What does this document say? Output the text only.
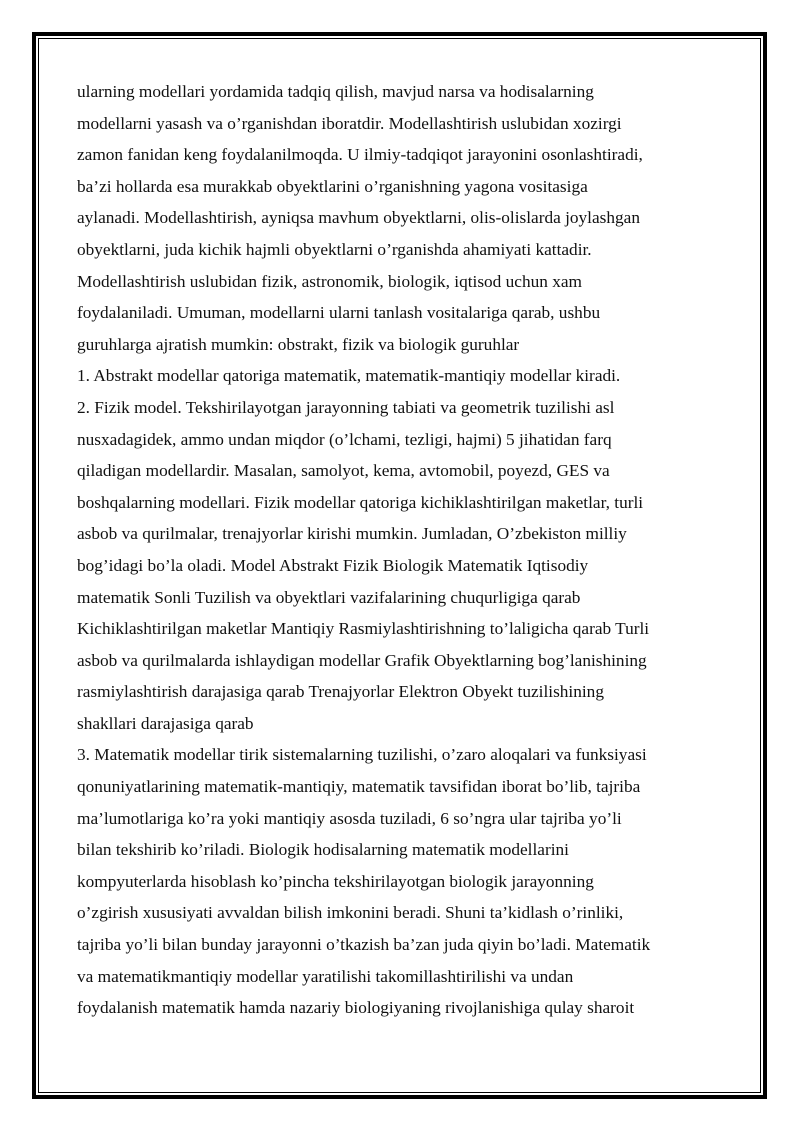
ularning modellari yordamida tadqiq qilish, mavjud narsa va hodisalarning
modellarni yasash va o’rganishdan iboratdir. Modellashtirish uslubidan xozirgi
zamon fanidan keng foydalanilmoqda. U ilmiy-tadqiqot jarayonini osonlashtiradi,
ba’zi hollarda esa murakkab obyektlarini o’rganishning yagona vositasiga
aylanadi. Modellashtirish, ayniqsa mavhum obyektlarni, olis-olislarda joylashgan
obyektlarni, juda kichik hajmli obyektlarni o’rganishda ahamiyati kattadir.
Modellashtirish uslubidan fizik, astronomik, biologik, iqtisod uchun xam
foydalaniladi. Umuman, modellarni ularni tanlash vositalariga qarab, ushbu
guruhlarga ajratish mumkin: obstrakt, fizik va biologik guruhlar
1. Abstrakt modellar qatoriga matematik, matematik-mantiqiy modellar kiradi.
2. Fizik model. Tekshirilayotgan jarayonning tabiati va geometrik tuzilishi asl
nusxadagidek, ammo undan miqdor (o’lchami, tezligi, hajmi) 5 jihatidan farq
qiladigan modellardir. Masalan, samolyot, kema, avtomobil, poyezd, GES va
boshqalarning modellari. Fizik modellar qatoriga kichiklashtirilgan maketlar, turli
asbob va qurilmalar, trenajyorlar kirishi mumkin. Jumladan, O’zbekiston milliy
bog’idagi bo’la oladi. Model Abstrakt Fizik Biologik Matematik Iqtisodiy
matematik Sonli Tuzilish va obyektlari vazifalarining chuqurligiga qarab
Kichiklashtirilgan maketlar Mantiqiy Rasmiylashtirishning to’laligicha qarab Turli
asbob va qurilmalarda ishlaydigan modellar Grafik Obyektlarning bog’lanishining
rasmiylashtirish darajasiga qarab Trenajyorlar Elektron Obyekt tuzilishining
shakllari darajasiga qarab
3. Matematik modellar tirik sistemalarning tuzilishi, o’zaro aloqalari va funksiyasi
qonuniyatlarining matematik-mantiqiy, matematik tavsifidan iborat bo’lib, tajriba
ma’lumotlariga ko’ra yoki mantiqiy asosda tuziladi, 6 so’ngra ular tajriba yo’li
bilan tekshirib ko’riladi. Biologik hodisalarning matematik modellarini
kompyuterlarda hisoblash ko’pincha tekshirilayotgan biologik jarayonning
o’zgirish xususiyati avvaldan bilish imkonini beradi. Shuni ta’kidlash o’rinliki,
tajriba yo’li bilan bunday jarayonni o’tkazish ba’zan juda qiyin bo’ladi. Matematik
va matematikmantiqiy modellar yaratilishi takomillashtirilishi va undan
foydalanish matematik hamda nazariy biologiyaning rivojlanishiga qulay sharoit
